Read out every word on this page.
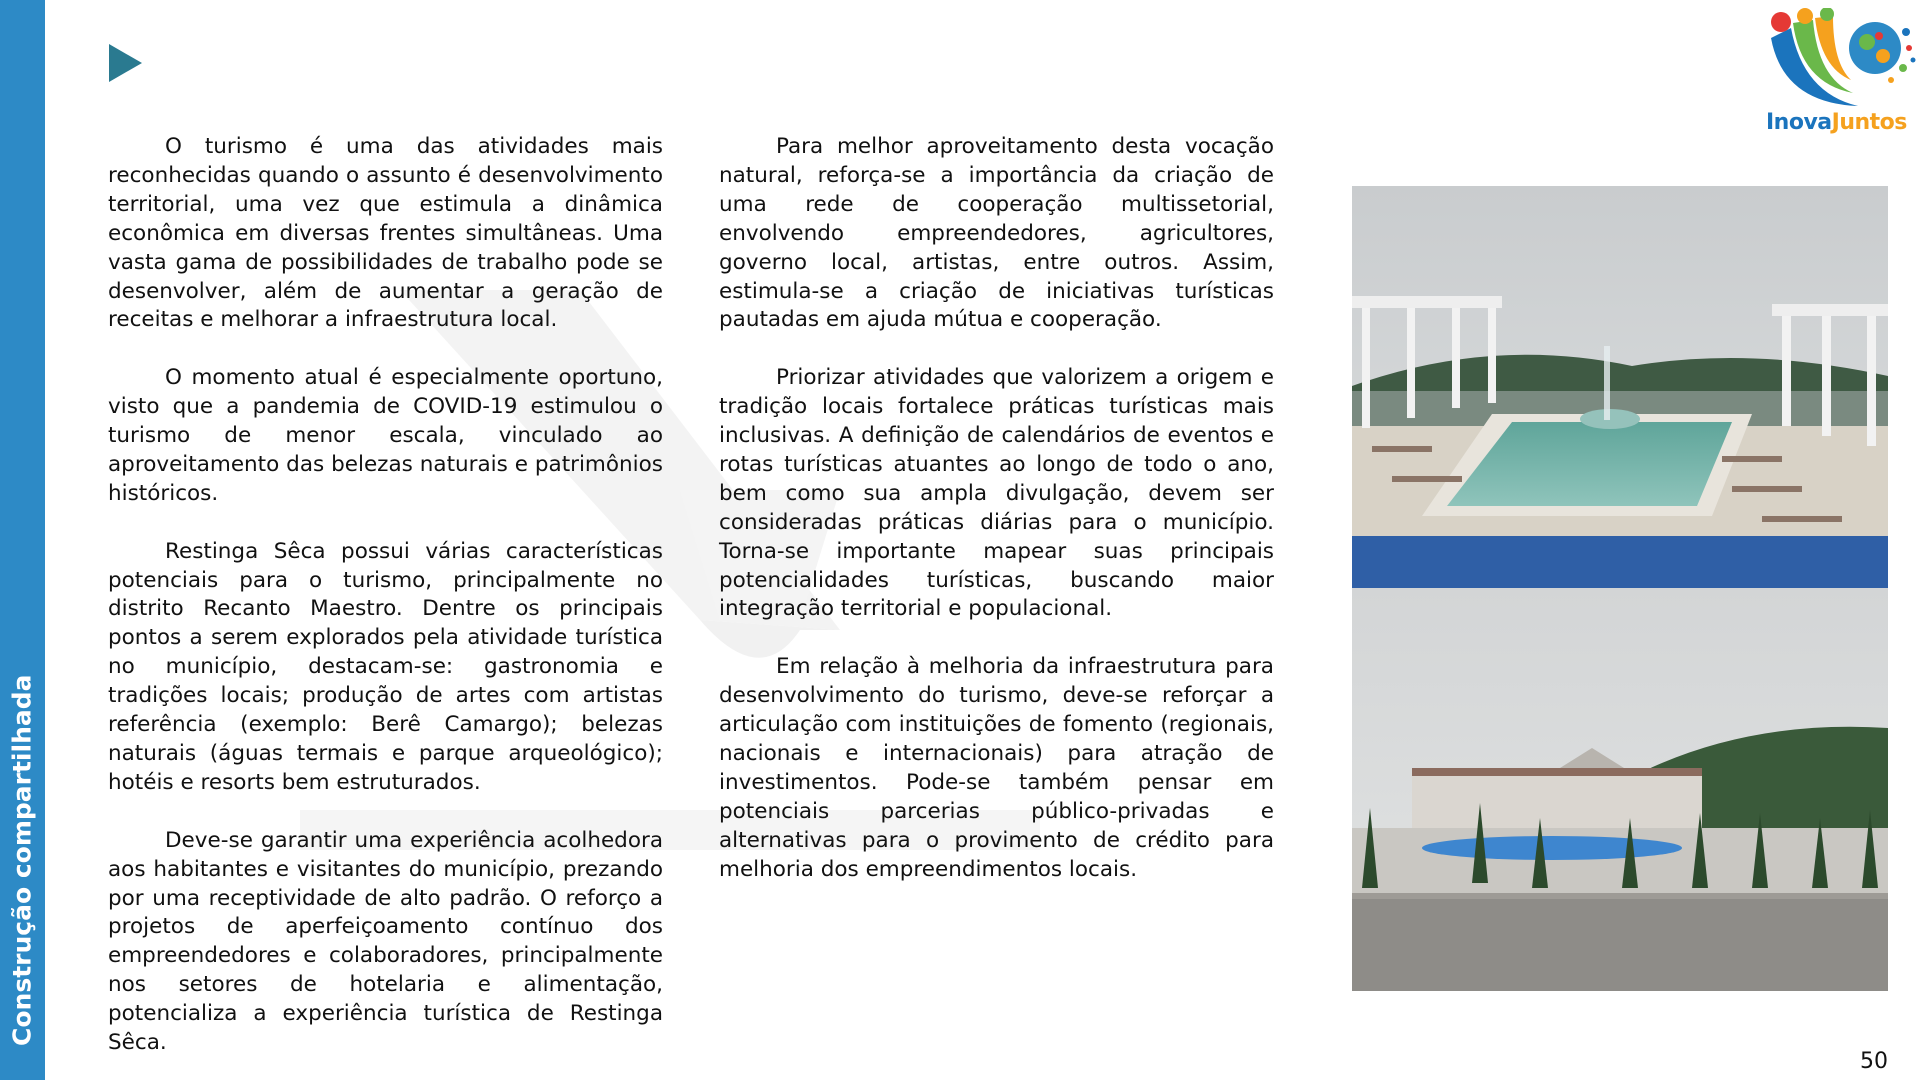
Construção compartilhada

O turismo é uma das atividades mais reconhecidas quando o assunto é desenvolvimento territorial, uma vez que estimula a dinâmica econômica em diversas frentes simultâneas. Uma vasta gama de possibilidades de trabalho pode se desenvolver, além de aumentar a geração de receitas e melhorar a infraestrutura local.

O momento atual é especialmente oportuno, visto que a pandemia de COVID-19 estimulou o turismo de menor escala, vinculado ao aproveitamento das belezas naturais e patrimônios históricos.

Restinga Sêca possui várias características potenciais para o turismo, principalmente no distrito Recanto Maestro. Dentre os principais pontos a serem explorados pela atividade turística no município, destacam-se: gastronomia e tradições locais; produção de artes com artistas referência (exemplo: Berê Camargo); belezas naturais (águas termais e parque arqueológico); hotéis e resorts bem estruturados.

Deve-se garantir uma experiência acolhedora aos habitantes e visitantes do município, prezando por uma receptividade de alto padrão. O reforço a projetos de aperfeiçoamento contínuo dos empreendedores e colaboradores, principalmente nos setores de hotelaria e alimentação, potencializa a experiência turística de Restinga Sêca.

Para melhor aproveitamento desta vocação natural, reforça-se a importância da criação de uma rede de cooperação multissetorial, envolvendo empreendedores, agricultores, governo local, artistas, entre outros. Assim, estimula-se a criação de iniciativas turísticas pautadas em ajuda mútua e cooperação.

Priorizar atividades que valorizem a origem e tradição locais fortalece práticas turísticas mais inclusivas. A definição de calendários de eventos e rotas turísticas atuantes ao longo de todo o ano, bem como sua ampla divulgação, devem ser consideradas práticas diárias para o município. Torna-se importante mapear suas principais potencialidades turísticas, buscando maior integração territorial e populacional.

Em relação à melhoria da infraestrutura para desenvolvimento do turismo, deve-se reforçar a articulação com instituições de fomento (regionais, nacionais e internacionais) para atração de investimentos. Pode-se também pensar em potenciais parcerias público-privadas e alternativas para o provimento de crédito para melhoria dos empreendimentos locais.

InovaJuntos
50
